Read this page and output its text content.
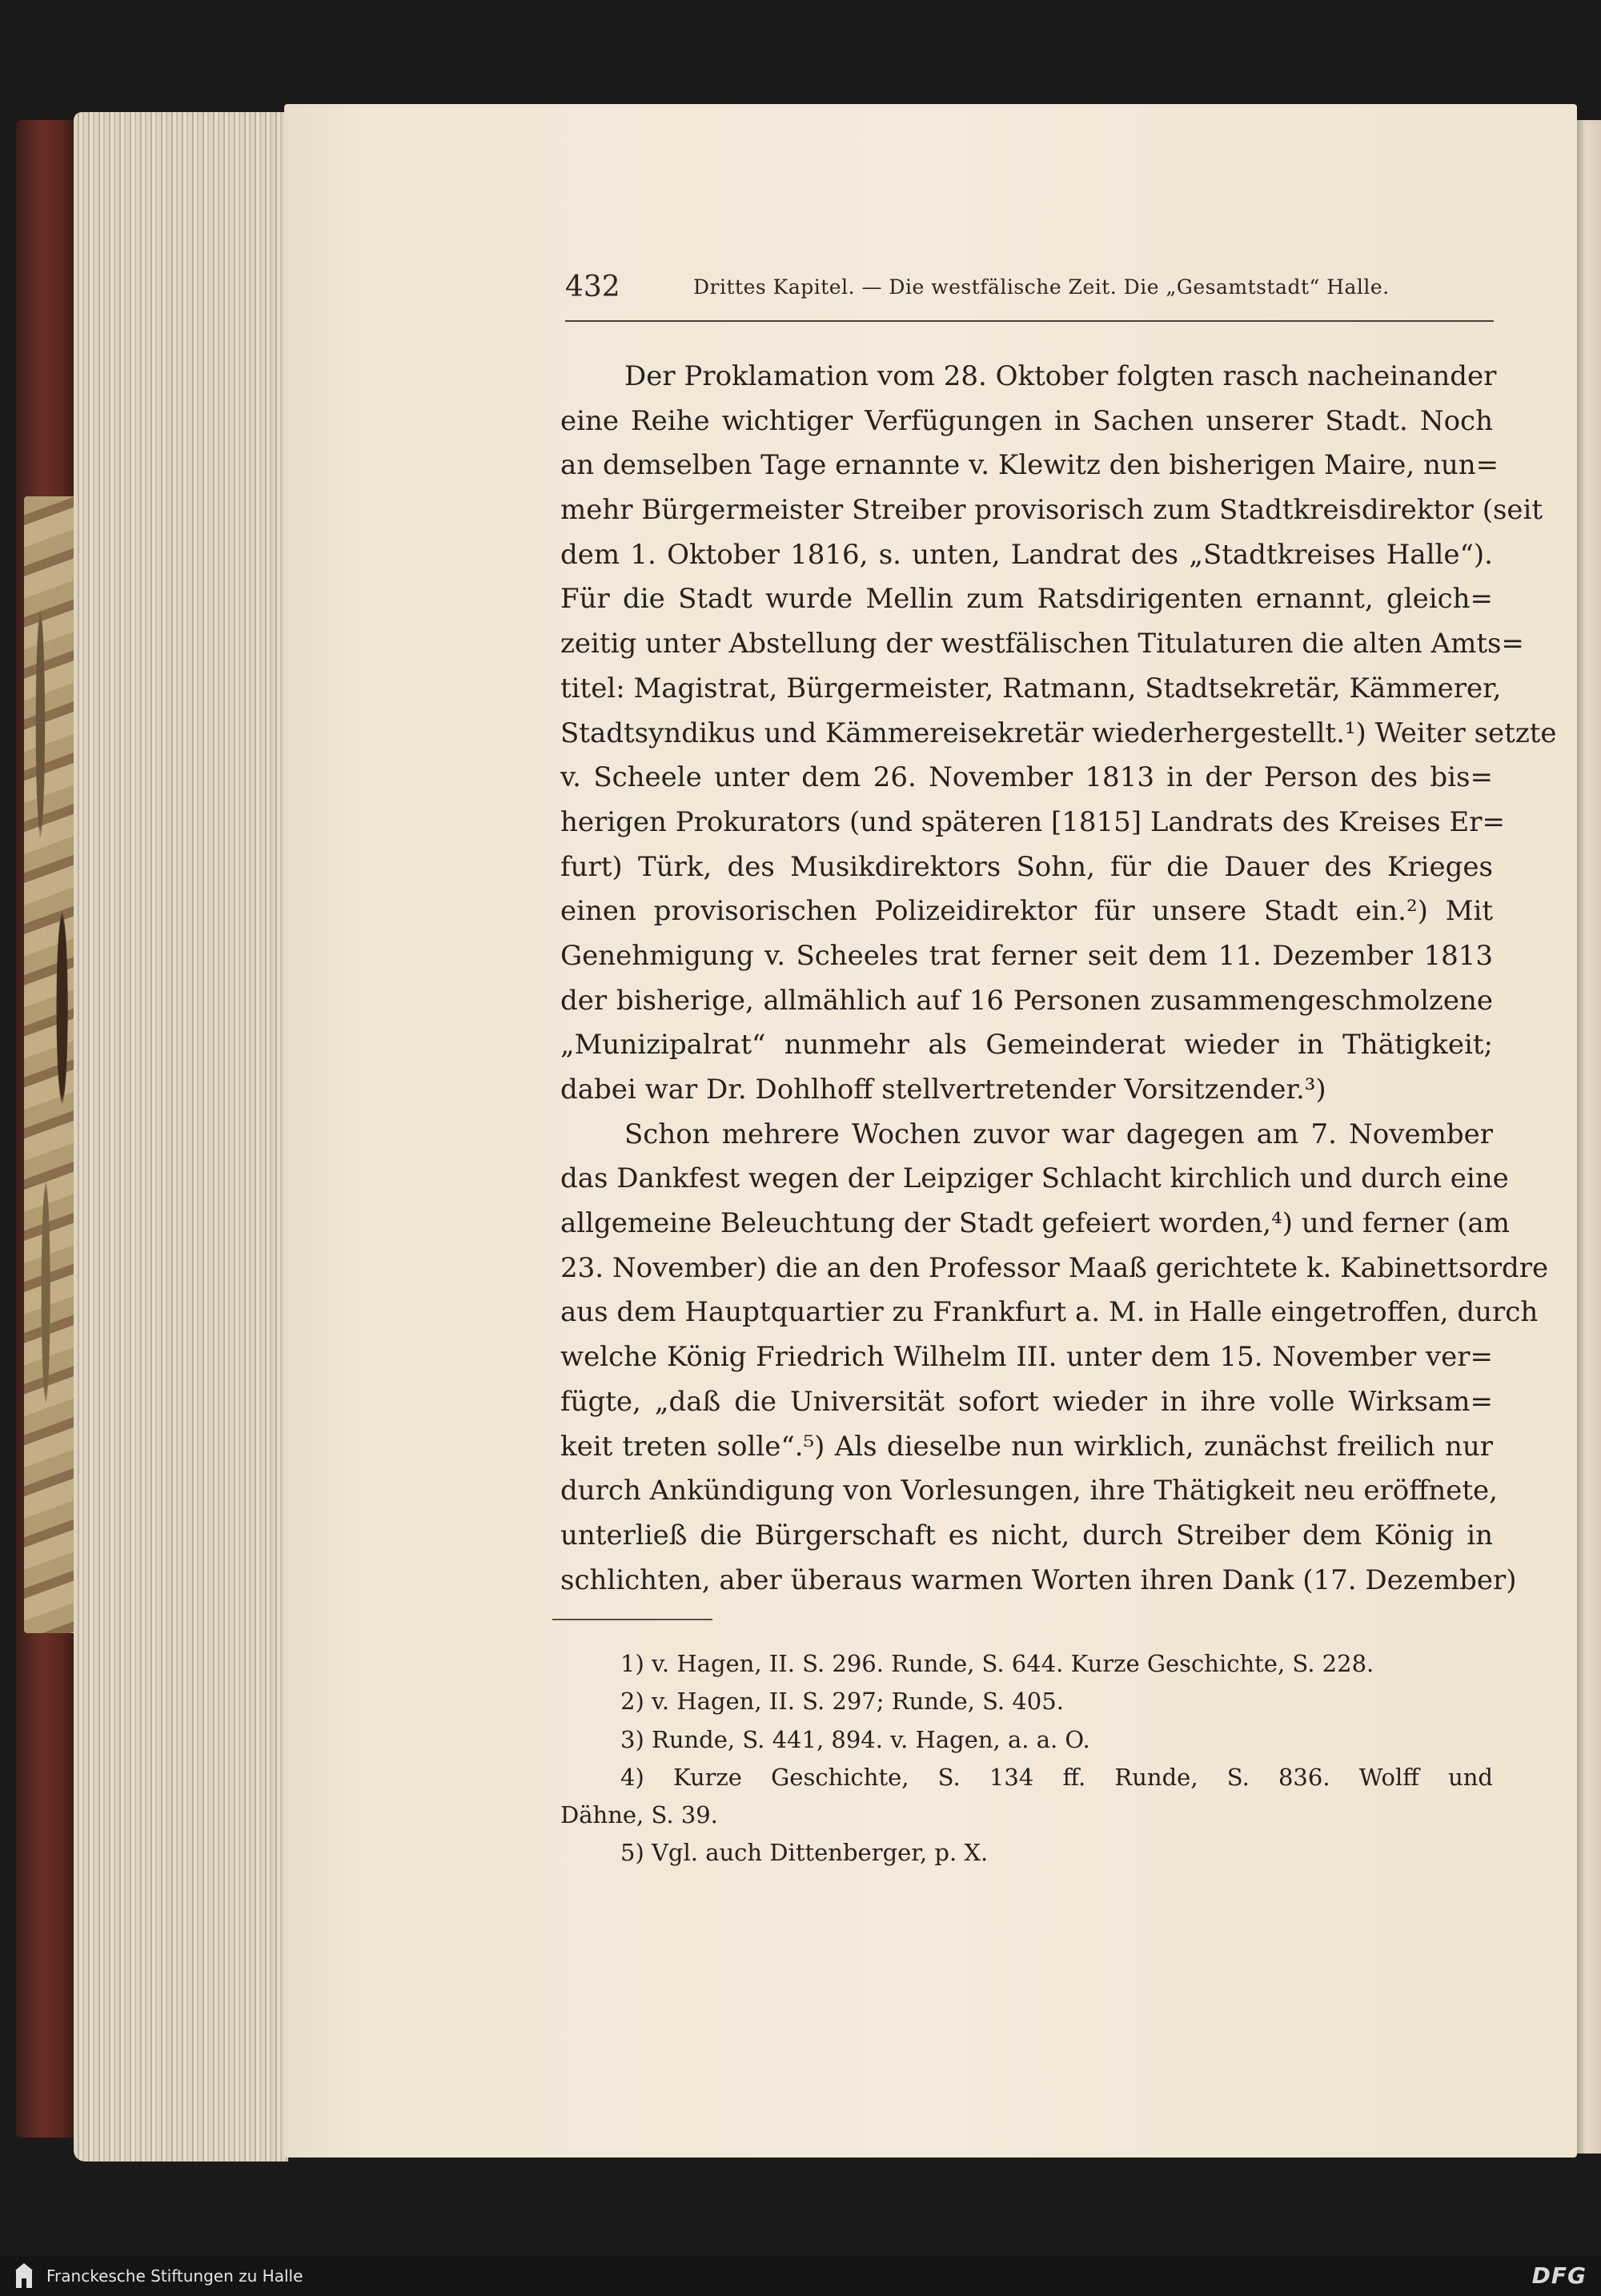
432	Drittes Kapitel. — Die westfälische Zeit. Die „Gesamtstadt“ Halle.
Der Proklamation vom 28. Oktober folgten rasch nacheinander
eine Reihe wichtiger Verfügungen in Sachen unserer Stadt. Noch
an demselben Tage ernannte v. Klewitz den bisherigen Maire, nun=
mehr Bürgermeister Streiber provisorisch zum Stadtkreisdirektor (seit
dem 1. Oktober 1816, s. unten, Landrat des „Stadtkreises Halle“).
Für die Stadt wurde Mellin zum Ratsdirigenten ernannt, gleich=
zeitig unter Abstellung der westfälischen Titulaturen die alten Amts=
titel: Magistrat, Bürgermeister, Ratmann, Stadtsekretär, Kämmerer,
Stadtsyndikus und Kämmereisekretär wiederhergestellt.¹) Weiter setzte
v. Scheele unter dem 26. November 1813 in der Person des bis=
herigen Prokurators (und späteren [1815] Landrats des Kreises Er=
furt) Türk, des Musikdirektors Sohn, für die Dauer des Krieges
einen provisorischen Polizeidirektor für unsere Stadt ein.²) Mit
Genehmigung v. Scheeles trat ferner seit dem 11. Dezember 1813
der bisherige, allmählich auf 16 Personen zusammengeschmolzene
„Munizipalrat“ nunmehr als Gemeinderat wieder in Thätigkeit;
dabei war Dr. Dohlhoff stellvertretender Vorsitzender.³)
Schon mehrere Wochen zuvor war dagegen am 7. November
das Dankfest wegen der Leipziger Schlacht kirchlich und durch eine
allgemeine Beleuchtung der Stadt gefeiert worden,⁴) und ferner (am
23. November) die an den Professor Maaß gerichtete k. Kabinettsordre
aus dem Hauptquartier zu Frankfurt a. M. in Halle eingetroffen, durch
welche König Friedrich Wilhelm III. unter dem 15. November ver=
fügte, „daß die Universität sofort wieder in ihre volle Wirksam=
keit treten solle“.⁵) Als dieselbe nun wirklich, zunächst freilich nur
durch Ankündigung von Vorlesungen, ihre Thätigkeit neu eröffnete,
unterließ die Bürgerschaft es nicht, durch Streiber dem König in
schlichten, aber überaus warmen Worten ihren Dank (17. Dezember)
1) v. Hagen, II. S. 296. Runde, S. 644. Kurze Geschichte, S. 228.
2) v. Hagen, II. S. 297; Runde, S. 405.
3) Runde, S. 441, 894. v. Hagen, a. a. O.
4) Kurze Geschichte, S. 134 ff. Runde, S. 836. Wolff und
Dähne, S. 39.
5) Vgl. auch Dittenberger, p. X.
Franckesche Stiftungen zu Halle	DFG
